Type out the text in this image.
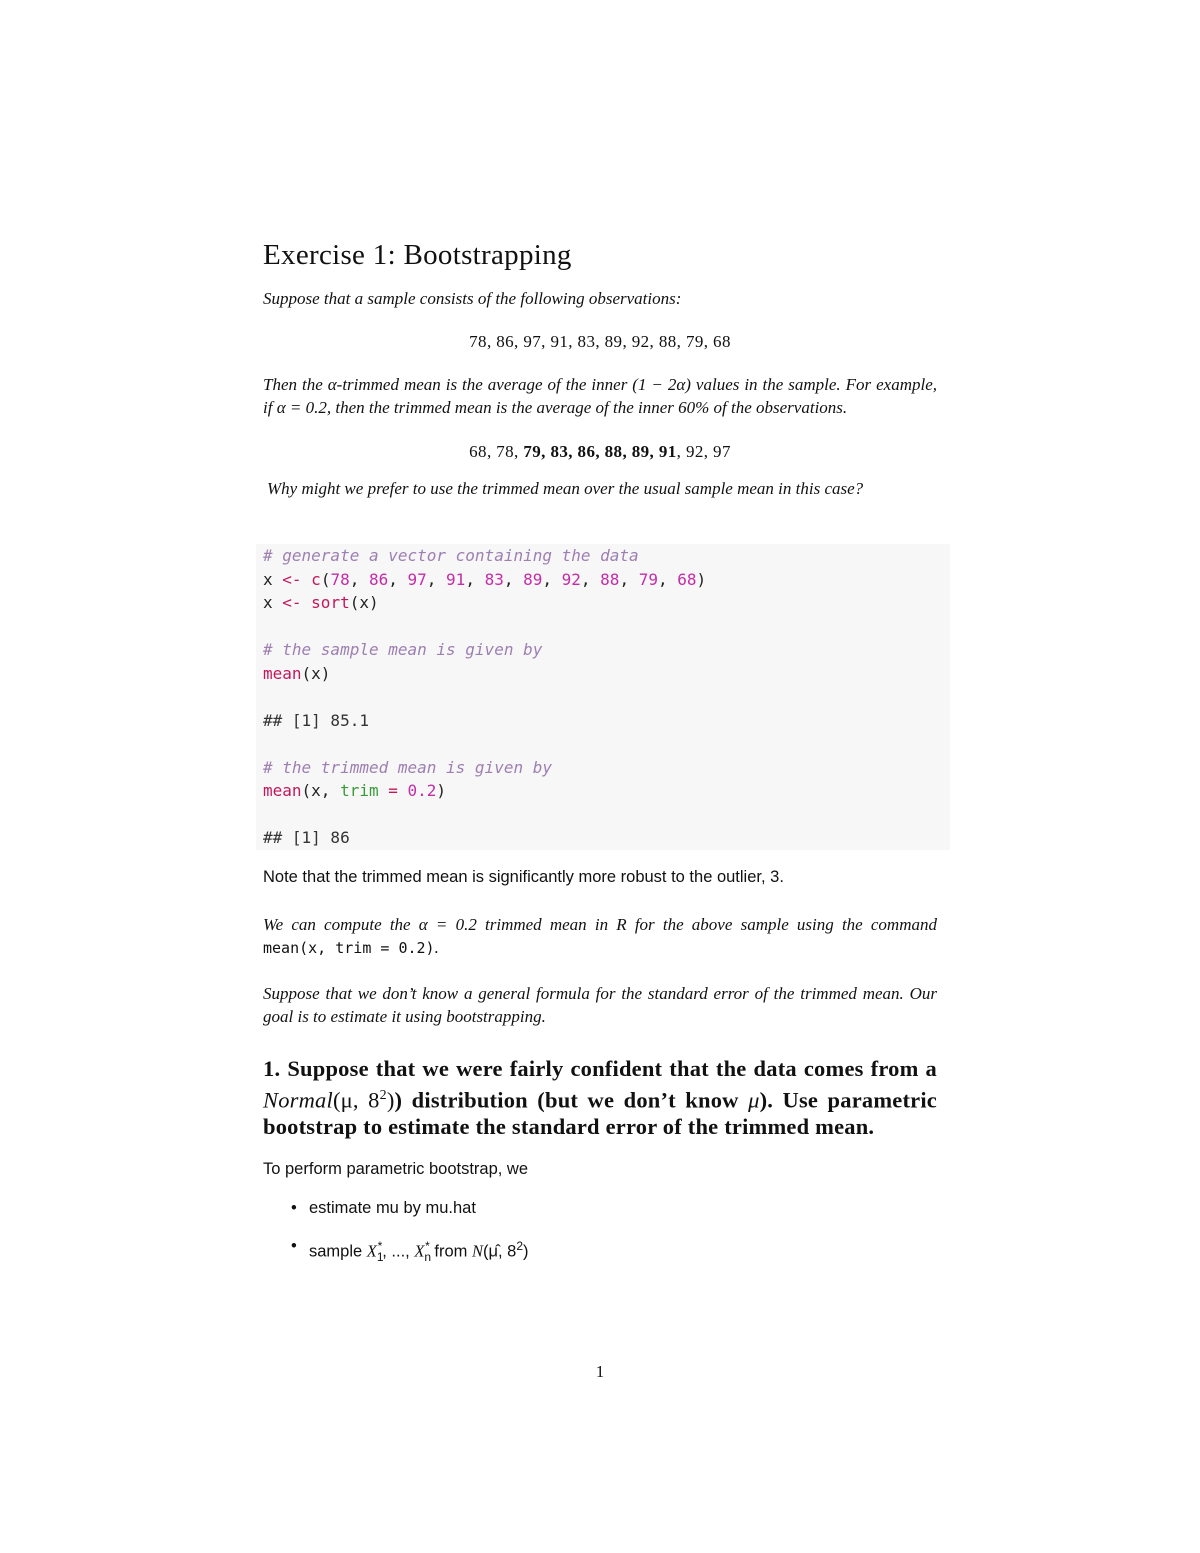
Exercise 1: Bootstrapping
Suppose that a sample consists of the following observations:
78, 86, 97, 91, 83, 89, 92, 88, 79, 68
Then the α-trimmed mean is the average of the inner (1 − 2α) values in the sample. For example, if α = 0.2, then the trimmed mean is the average of the inner 60% of the observations.
68, 78, 79, 83, 86, 88, 89, 91, 92, 97
Why might we prefer to use the trimmed mean over the usual sample mean in this case?
# generate a vector containing the data
x <- c(78, 86, 97, 91, 83, 89, 92, 88, 79, 68)
x <- sort(x)

# the sample mean is given by
mean(x)

## [1] 85.1

# the trimmed mean is given by
mean(x, trim = 0.2)

## [1] 86
Note that the trimmed mean is significantly more robust to the outlier, 3.
We can compute the α = 0.2 trimmed mean in R for the above sample using the command mean(x, trim = 0.2).
Suppose that we don’t know a general formula for the standard error of the trimmed mean. Our goal is to estimate it using bootstrapping.
1. Suppose that we were fairly confident that the data comes from a Normal(μ, $8^2$)) distribution (but we don’t know μ). Use parametric bootstrap to estimate the standard error of the trimmed mean.
To perform parametric bootstrap, we
• estimate mu by mu.hat
• sample $X_1^*$, ..., $X_n^*$ from N(μ̂, $8^2$)
1
